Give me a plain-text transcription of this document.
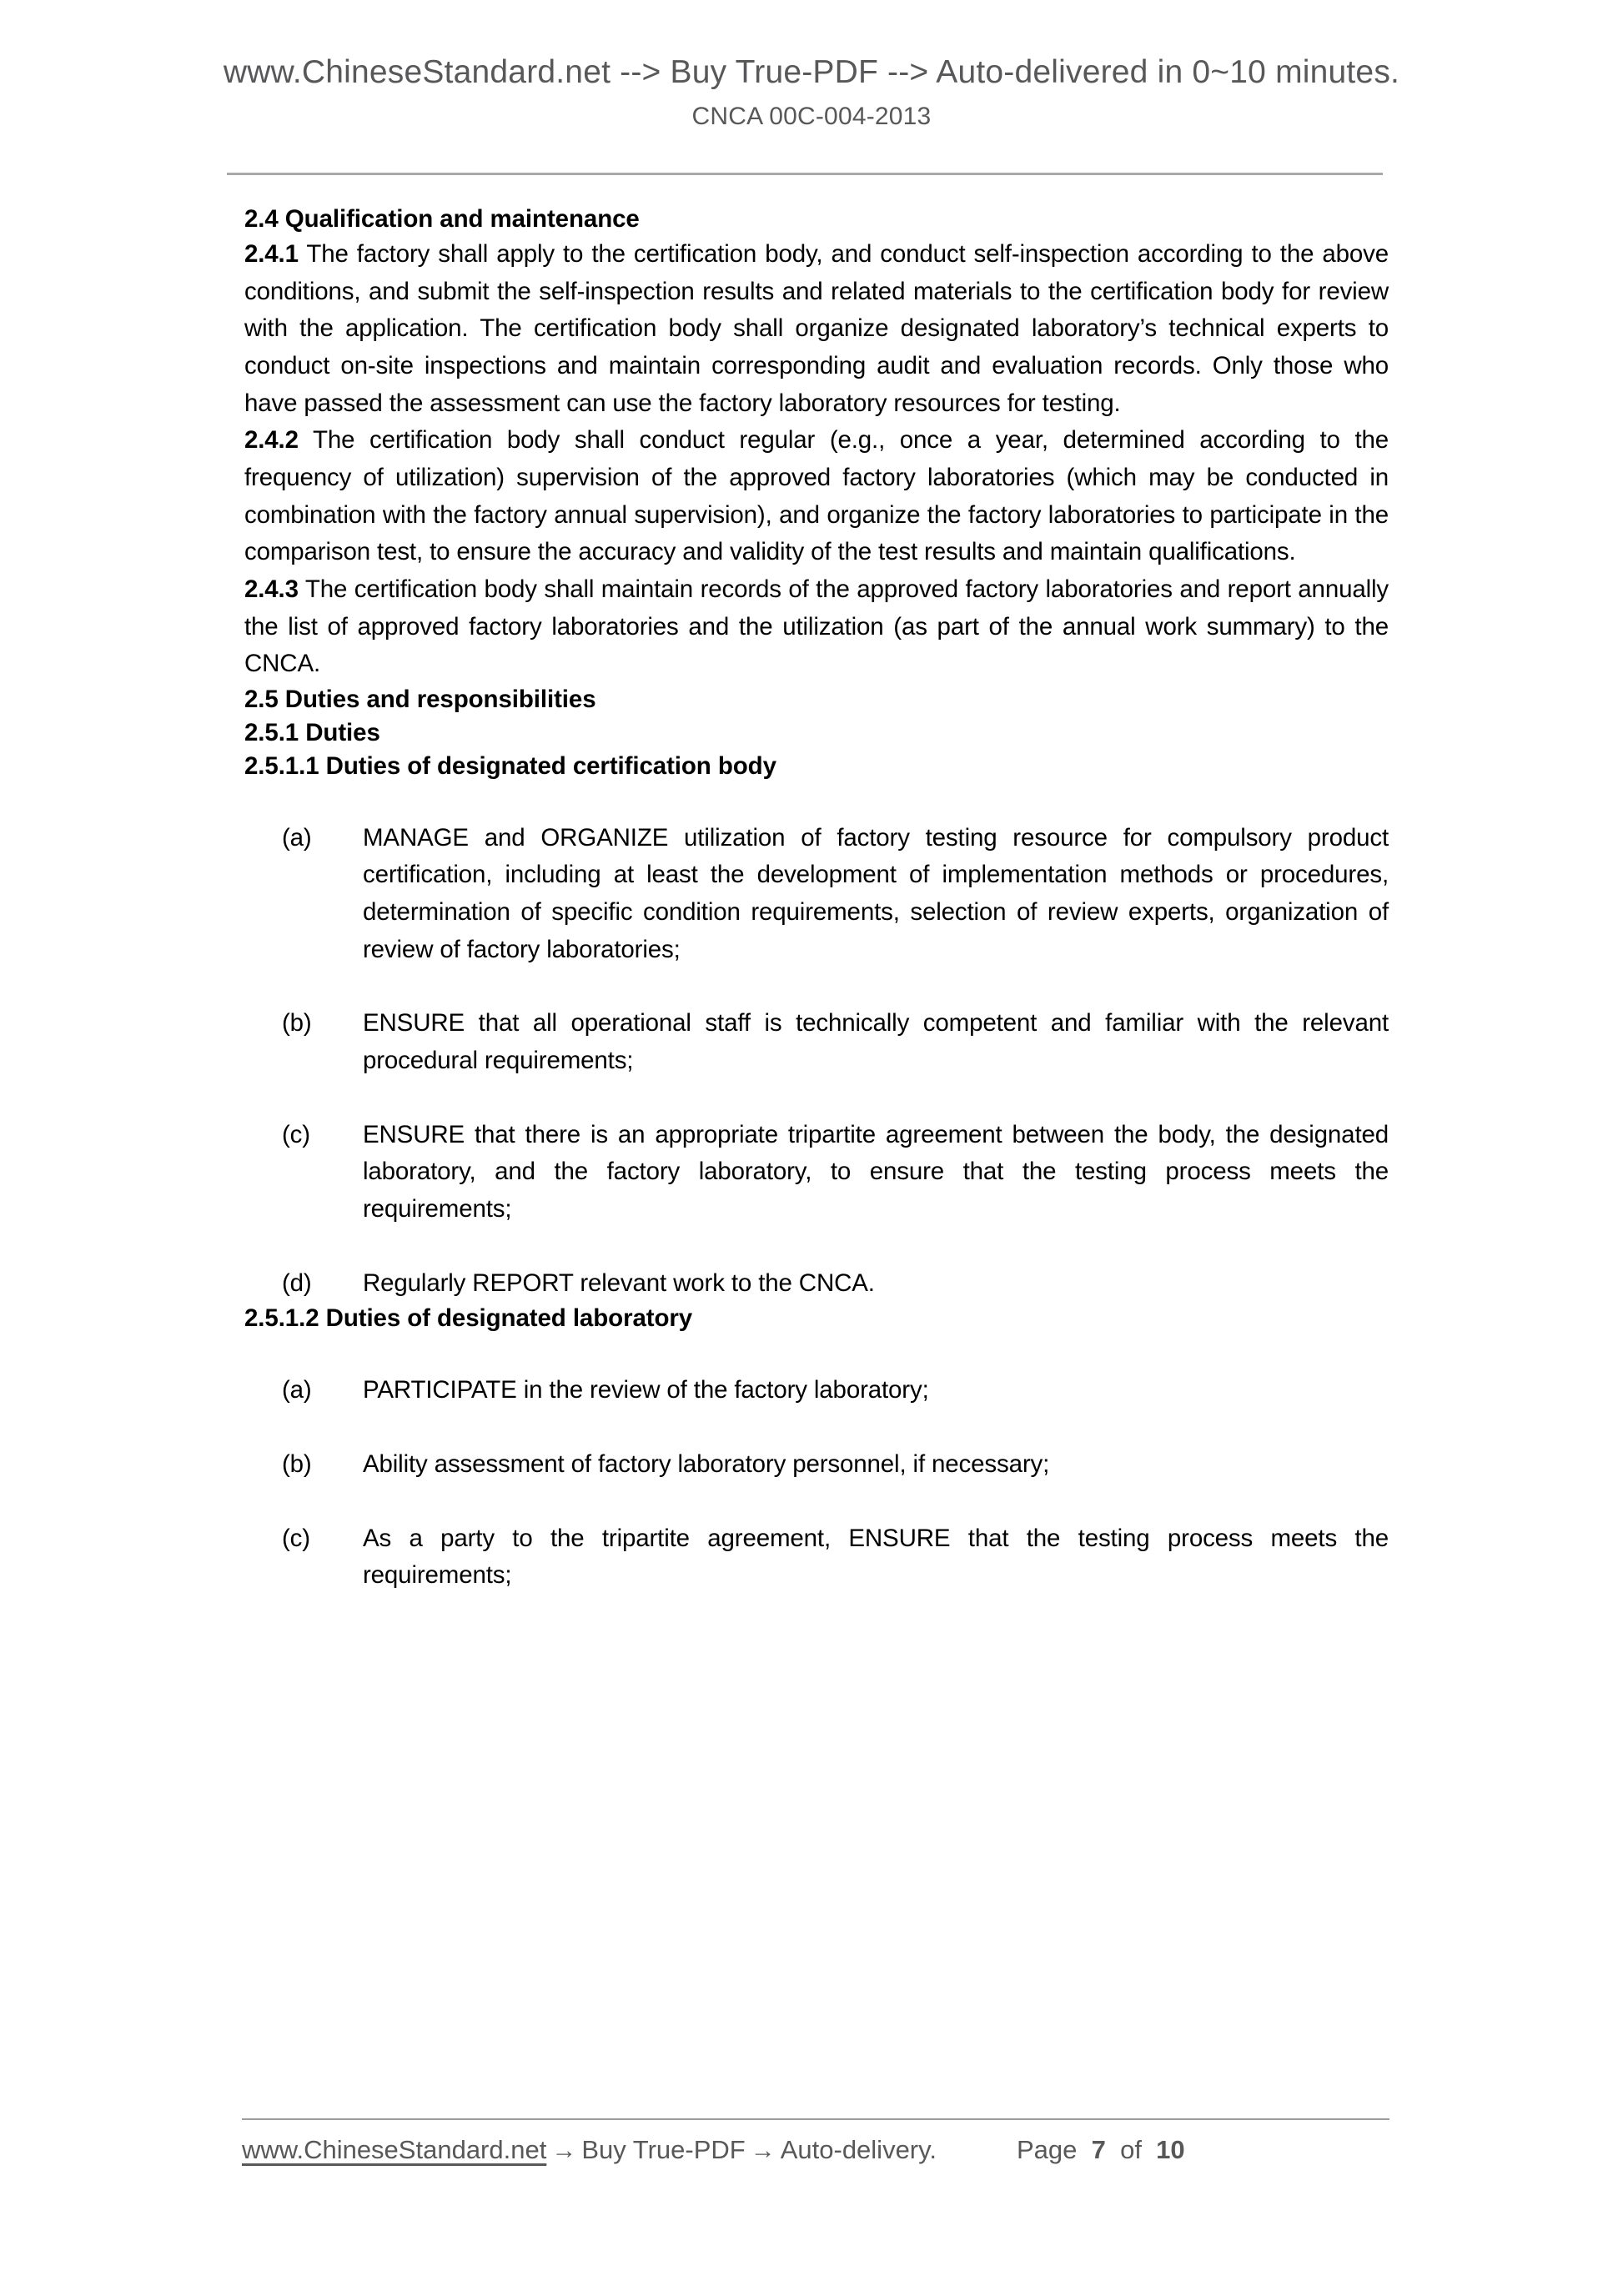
www.ChineseStandard.net --> Buy True-PDF --> Auto-delivered in 0~10 minutes.
CNCA 00C-004-2013
2.4 Qualification and maintenance

2.4.1 The factory shall apply to the certification body, and conduct self-inspection according to the above conditions, and submit the self-inspection results and related materials to the certification body for review with the application. The certification body shall organize designated laboratory’s technical experts to conduct on-site inspections and maintain corresponding audit and evaluation records. Only those who have passed the assessment can use the factory laboratory resources for testing.

2.4.2 The certification body shall conduct regular (e.g., once a year, determined according to the frequency of utilization) supervision of the approved factory laboratories (which may be conducted in combination with the factory annual supervision), and organize the factory laboratories to participate in the comparison test, to ensure the accuracy and validity of the test results and maintain qualifications.

2.4.3 The certification body shall maintain records of the approved factory laboratories and report annually the list of approved factory laboratories and the utilization (as part of the annual work summary) to the CNCA.

2.5 Duties and responsibilities
2.5.1 Duties
2.5.1.1 Duties of designated certification body
(a)	MANAGE and ORGANIZE utilization of factory testing resource for compulsory product certification, including at least the development of implementation methods or procedures, determination of specific condition requirements, selection of review experts, organization of review of factory laboratories;
(b)	ENSURE that all operational staff is technically competent and familiar with the relevant procedural requirements;
(c)	ENSURE that there is an appropriate tripartite agreement between the body, the designated laboratory, and the factory laboratory, to ensure that the testing process meets the requirements;
(d)	Regularly REPORT relevant work to the CNCA.
2.5.1.2 Duties of designated laboratory
(a)	PARTICIPATE in the review of the factory laboratory;
(b)	Ability assessment of factory laboratory personnel, if necessary;
(c)	As a party to the tripartite agreement, ENSURE that the testing process meets the requirements;
www.ChineseStandard.net → Buy True-PDF → Auto-delivery.	Page 7 of 10
